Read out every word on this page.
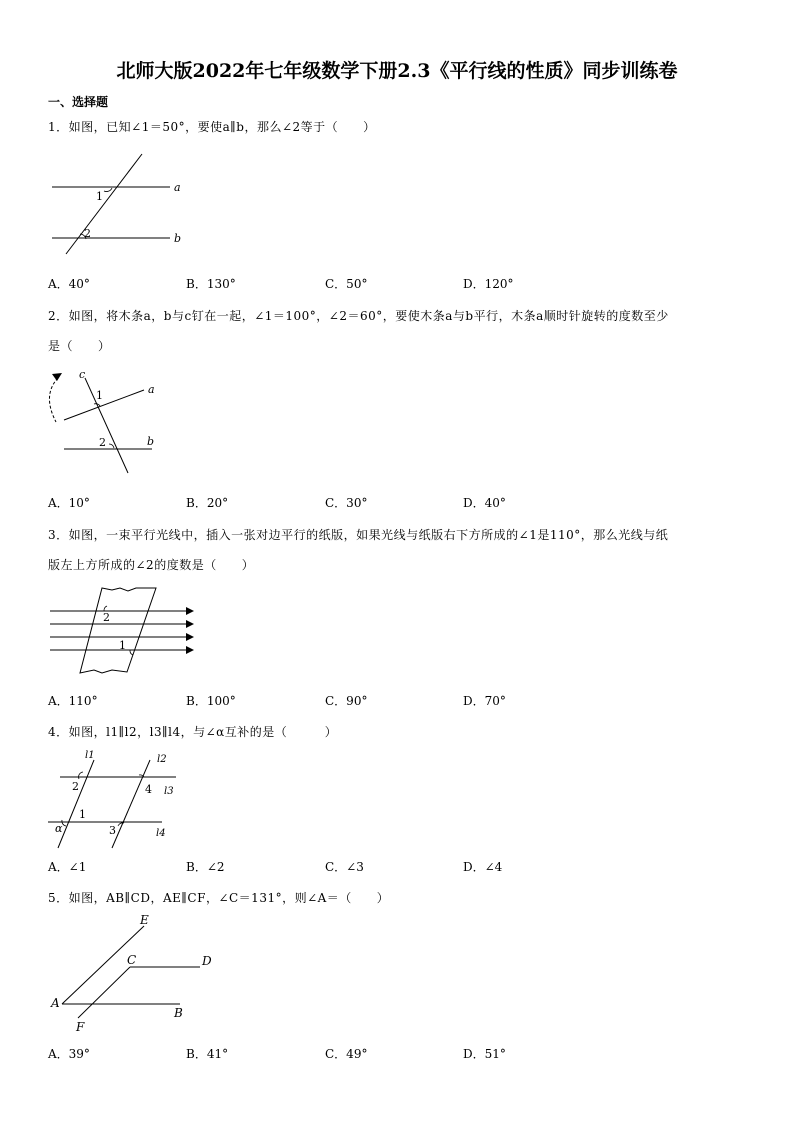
北师大版2022年七年级数学下册2.3《平行线的性质》同步训练卷
一、选择题
1．如图，已知∠1＝50°，要使a∥b，那么∠2等于（　　）
a
b
1
2
A．40°	B．130°	C．50°	D．120°
2．如图，将木条a，b与c钉在一起，∠1＝100°，∠2＝60°，要使木条a与b平行，木条a顺时针旋转的度数至少
是（　　）
c
a
b
1
2
A．10°	B．20°	C．30°	D．40°
3．如图，一束平行光线中，插入一张对边平行的纸版，如果光线与纸版右下方所成的∠1是110°，那么光线与纸
版左上方所成的∠2的度数是（　　）
2
1
A．110°	B．100°	C．90°	D．70°
4．如图，l1∥l2，l3∥l4，与∠α互补的是（　　　）
l1	l2
l3
l4
2	4
1
3
α
A．∠1	B．∠2	C．∠3	D．∠4
5．如图，AB∥CD，AE∥CF，∠C＝131°，则∠A＝（　　）
E
C	D
A
B
F
A．39°	B．41°	C．49°	D．51°
